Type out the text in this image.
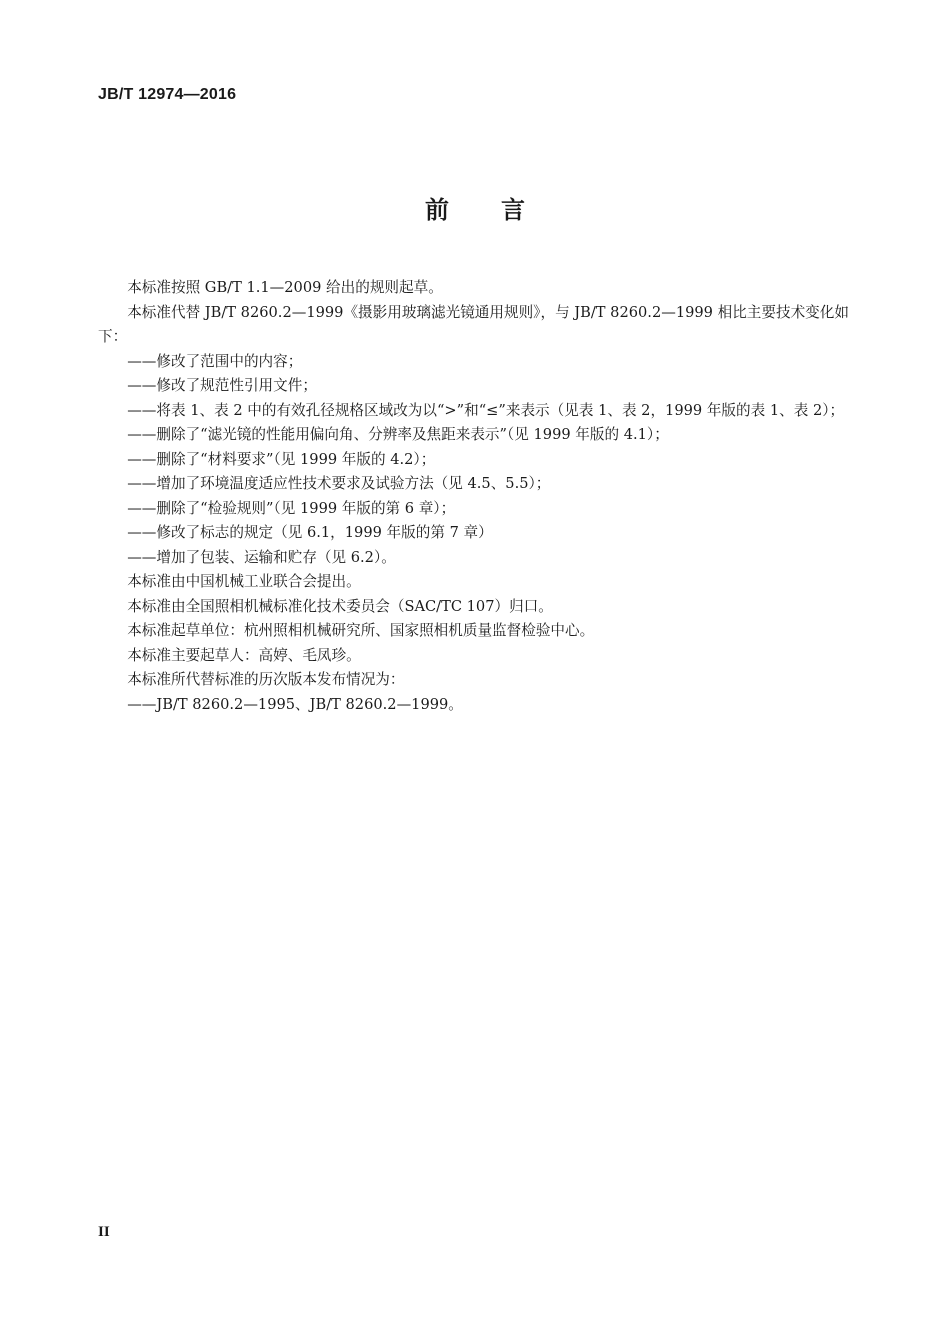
JB/T 12974—2016
前言
本标准按照 GB/T 1.1—2009 给出的规则起草。
本标准代替 JB/T 8260.2—1999《摄影用玻璃滤光镜通用规则》，与 JB/T 8260.2—1999 相比主要技术变化如下：
——修改了范围中的内容；
——修改了规范性引用文件；
——将表 1、表 2 中的有效孔径规格区域改为以“>”和“≤”来表示（见表 1、表 2，1999 年版的表 1、表 2）；
——删除了“滤光镜的性能用偏向角、分辨率及焦距来表示”（见 1999 年版的 4.1）；
——删除了“材料要求”（见 1999 年版的 4.2）；
——增加了环境温度适应性技术要求及试验方法（见 4.5、5.5）；
——删除了“检验规则”（见 1999 年版的第 6 章）；
——修改了标志的规定（见 6.1，1999 年版的第 7 章）
——增加了包装、运输和贮存（见 6.2）。
本标准由中国机械工业联合会提出。
本标准由全国照相机械标准化技术委员会（SAC/TC 107）归口。
本标准起草单位：杭州照相机械研究所、国家照相机质量监督检验中心。
本标准主要起草人：高婷、毛凤珍。
本标准所代替标准的历次版本发布情况为：
——JB/T 8260.2—1995、JB/T 8260.2—1999。
II
